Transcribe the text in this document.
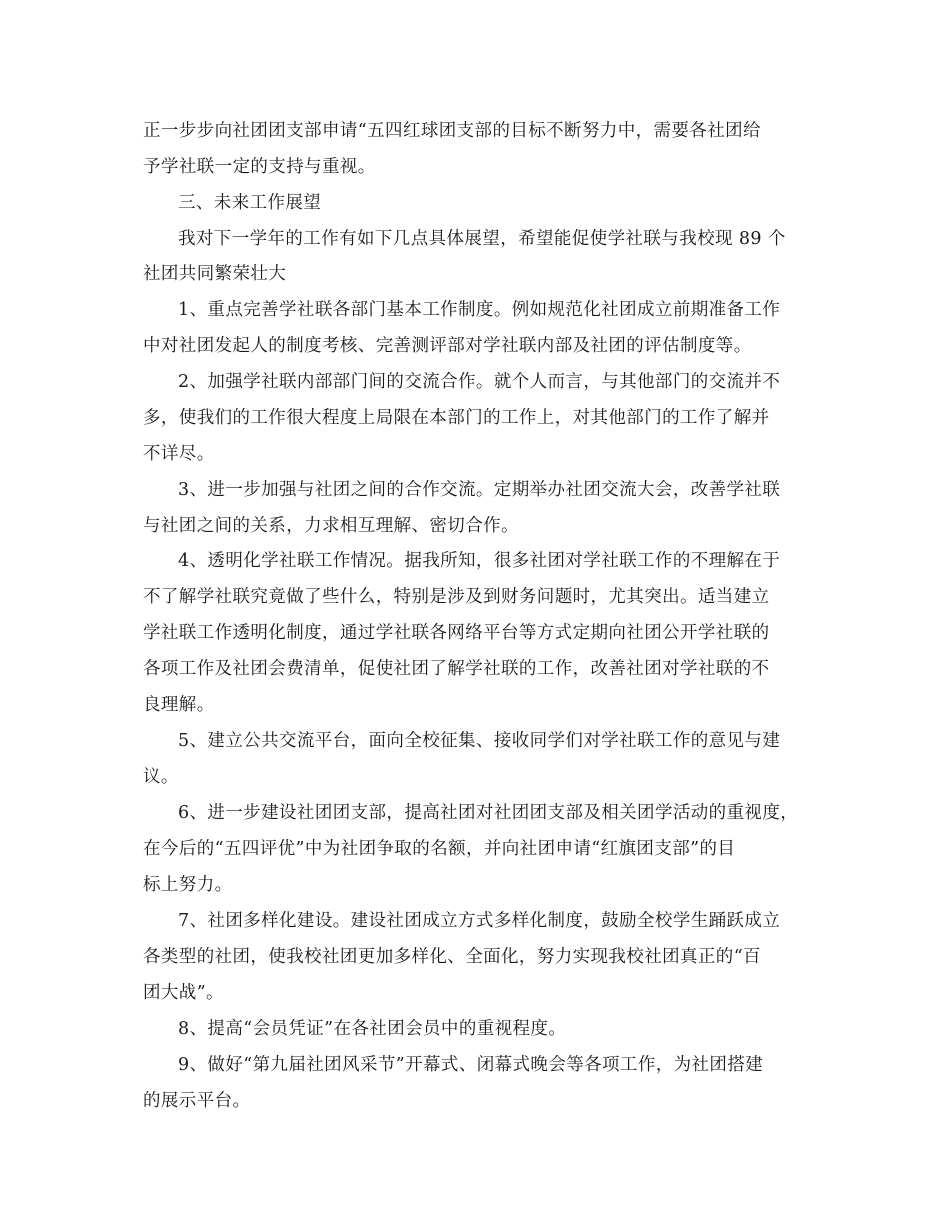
正一步步向社团团支部申请“五四红球团支部的目标不断努力中，需要各社团给
予学社联一定的支持与重视。
三、未来工作展望
我对下一学年的工作有如下几点具体展望，希望能促使学社联与我校现 89 个
社团共同繁荣壮大
1、重点完善学社联各部门基本工作制度。例如规范化社团成立前期准备工作
中对社团发起人的制度考核、完善测评部对学社联内部及社团的评估制度等。
2、加强学社联内部部门间的交流合作。就个人而言，与其他部门的交流并不
多，使我们的工作很大程度上局限在本部门的工作上，对其他部门的工作了解并
不详尽。
3、进一步加强与社团之间的合作交流。定期举办社团交流大会，改善学社联
与社团之间的关系，力求相互理解、密切合作。
4、透明化学社联工作情况。据我所知，很多社团对学社联工作的不理解在于
不了解学社联究竟做了些什么，特别是涉及到财务问题时，尤其突出。适当建立
学社联工作透明化制度，通过学社联各网络平台等方式定期向社团公开学社联的
各项工作及社团会费清单，促使社团了解学社联的工作，改善社团对学社联的不
良理解。
5、建立公共交流平台，面向全校征集、接收同学们对学社联工作的意见与建
议。
6、进一步建设社团团支部，提高社团对社团团支部及相关团学活动的重视度，
在今后的“五四评优”中为社团争取的名额，并向社团申请“红旗团支部”的目
标上努力。
7、社团多样化建设。建设社团成立方式多样化制度，鼓励全校学生踊跃成立
各类型的社团，使我校社团更加多样化、全面化，努力实现我校社团真正的“百
团大战”。
8、提高“会员凭证”在各社团会员中的重视程度。
9、做好“第九届社团风采节”开幕式、闭幕式晚会等各项工作，为社团搭建
的展示平台。
